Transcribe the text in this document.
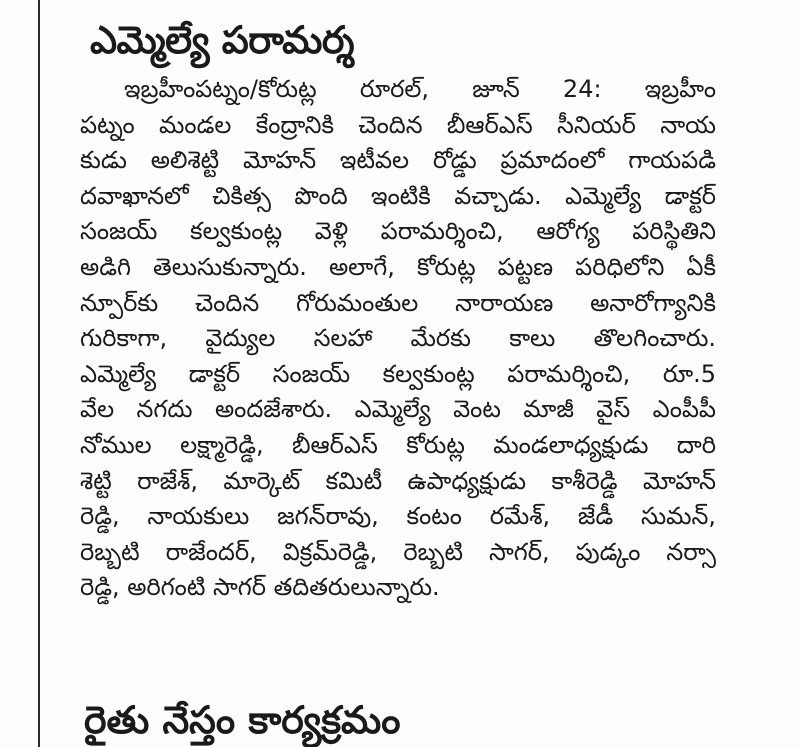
ఎమ్మెల్యే పరామర్శ
ఇబ్రహీంపట్నం/కోరుట్ల రూరల్, జూన్ 24: ఇబ్రహీం
పట్నం మండల కేంద్రానికి చెందిన బీఆర్ఎస్ సీనియర్ నాయ
కుడు అలిశెట్టి మోహన్ ఇటీవల రోడ్డు ప్రమాదంలో గాయపడి
దవాఖానలో చికిత్స పొంది ఇంటికి వచ్చాడు. ఎమ్మెల్యే డాక్టర్
సంజయ్ కల్వకుంట్ల వెళ్లి పరామర్శించి, ఆరోగ్య పరిస్థితిని
అడిగి తెలుసుకున్నారు. అలాగే, కోరుట్ల పట్టణ పరిధిలోని ఏకీ
న్పూర్‌కు చెందిన గోరుమంతుల నారాయణ అనారోగ్యానికి
గురికాగా, వైద్యుల సలహా మేరకు కాలు తొలగించారు.
ఎమ్మెల్యే డాక్టర్ సంజయ్ కల్వకుంట్ల పరామర్శించి, రూ.5
వేల నగదు అందజేశారు. ఎమ్మెల్యే వెంట మాజీ వైస్ ఎంపీపీ
నోముల లక్ష్మారెడ్డి, బీఆర్ఎస్ కోరుట్ల మండలాధ్యక్షుడు దారి
శెట్టి రాజేశ్, మార్కెట్ కమిటీ ఉపాధ్యక్షుడు కాశీరెడ్డి మోహన్
రెడ్డి, నాయకులు జగన్‌రావు, కంటం రమేశ్, జేడీ సుమన్,
రెబ్బటి రాజేందర్, విక్రమ్‌రెడ్డి, రెబ్బటి సాగర్, పుడ్కం నర్సా
రెడ్డి, అరిగంటి సాగర్ తదితరులున్నారు.
రైతు నేస్తం కార్యక్రమం
